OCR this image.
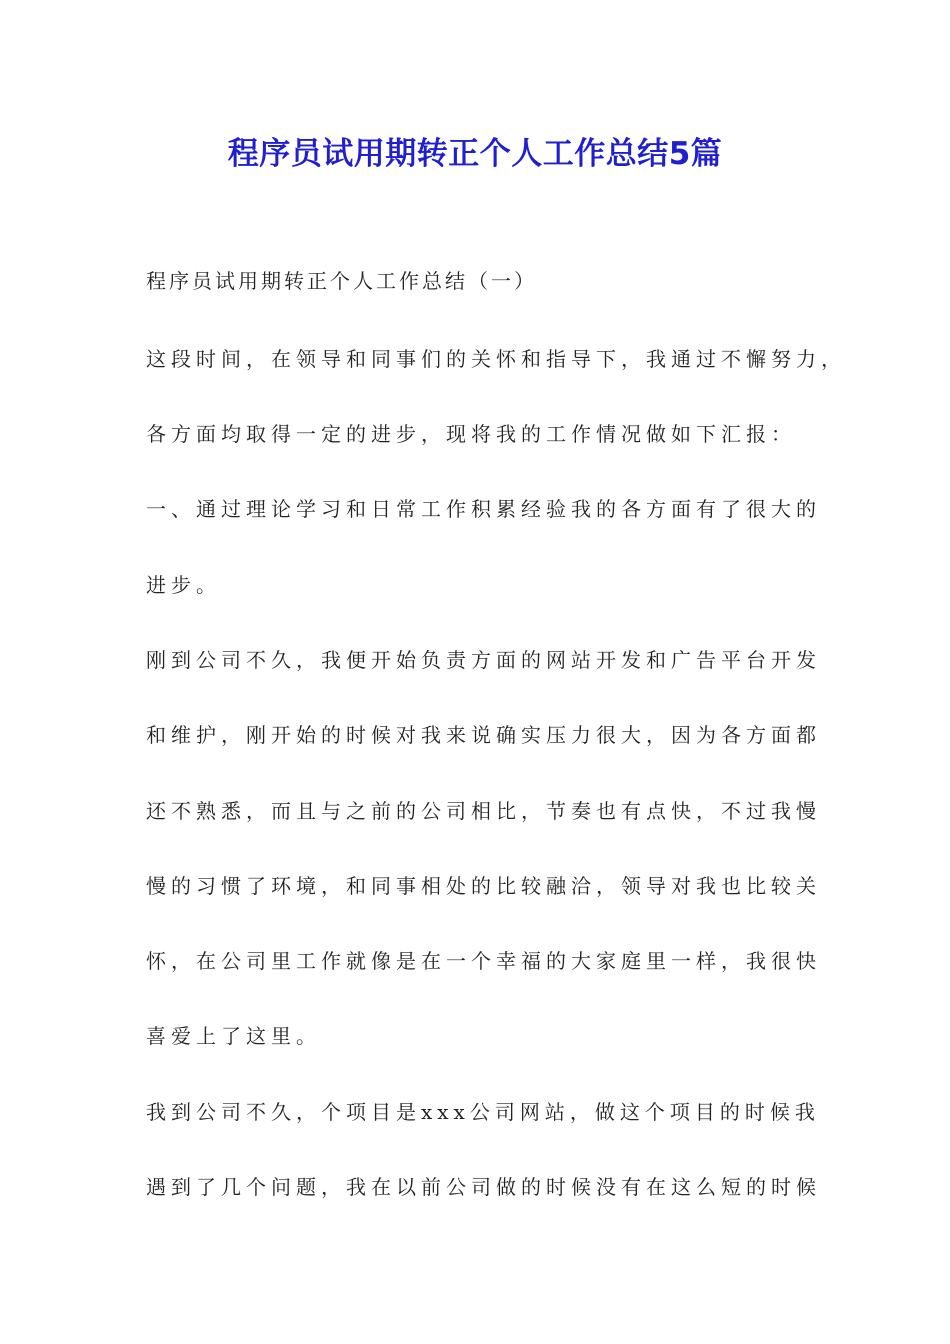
程序员试用期转正个人工作总结5篇
程序员试用期转正个人工作总结（一）
这段时间，在领导和同事们的关怀和指导下，我通过不懈努力，
各方面均取得一定的进步，现将我的工作情况做如下汇报：
一、通过理论学习和日常工作积累经验我的各方面有了很大的
进步。
刚到公司不久，我便开始负责方面的网站开发和广告平台开发
和维护，刚开始的时候对我来说确实压力很大，因为各方面都
还不熟悉，而且与之前的公司相比，节奏也有点快，不过我慢
慢的习惯了环境，和同事相处的比较融洽，领导对我也比较关
怀，在公司里工作就像是在一个幸福的大家庭里一样，我很快
喜爱上了这里。
我到公司不久，个项目是xxx公司网站，做这个项目的时候我
遇到了几个问题，我在以前公司做的时候没有在这么短的时候
